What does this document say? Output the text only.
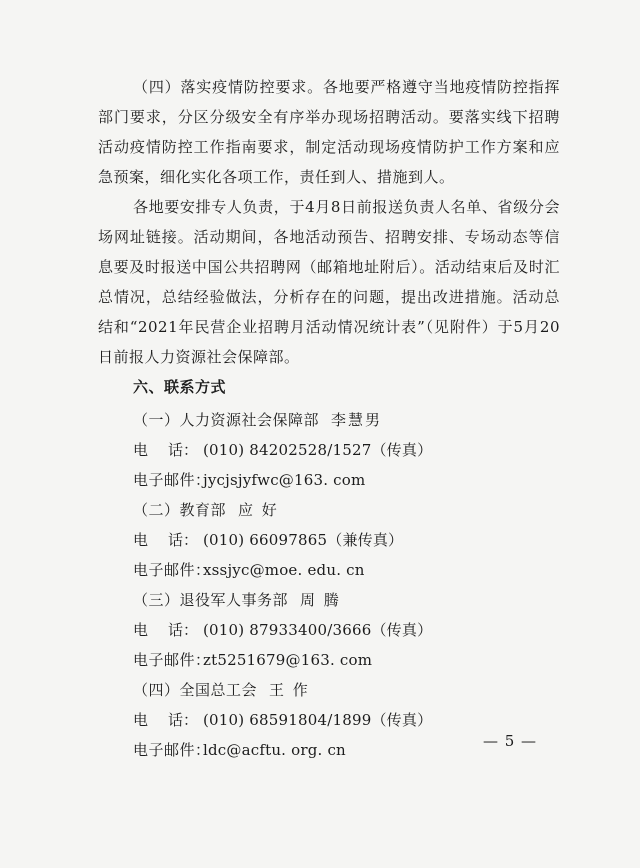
（四）落实疫情防控要求。各地要严格遵守当地疫情防控指挥部门要求，分区分级安全有序举办现场招聘活动。要落实线下招聘活动疫情防控工作指南要求，制定活动现场疫情防护工作方案和应急预案，细化实化各项工作，责任到人、措施到人。

各地要安排专人负责，于4月8日前报送负责人名单、省级分会场网址链接。活动期间，各地活动预告、招聘安排、专场动态等信息要及时报送中国公共招聘网（邮箱地址附后）。活动结束后及时汇总情况，总结经验做法，分析存在的问题，提出改进措施。活动总结和“2021年民营企业招聘月活动情况统计表”（见附件）于5月20日前报人力资源社会保障部。

六、联系方式
（一）人力资源社会保障部 李慧男
电 话： (010) 84202528/1527（传真）
电子邮件：jycjsjyfwc@163. com
（二）教育部 应 好
电 话： (010) 66097865（兼传真）
电子邮件：xssjyc@moe. edu. cn
（三）退役军人事务部 周 腾
电 话： (010) 87933400/3666（传真）
电子邮件：zt5251679@163. com
（四）全国总工会 王 作
电 话： (010) 68591804/1899（传真）
电子邮件：ldc@acftu. org. cn	— 5 —
